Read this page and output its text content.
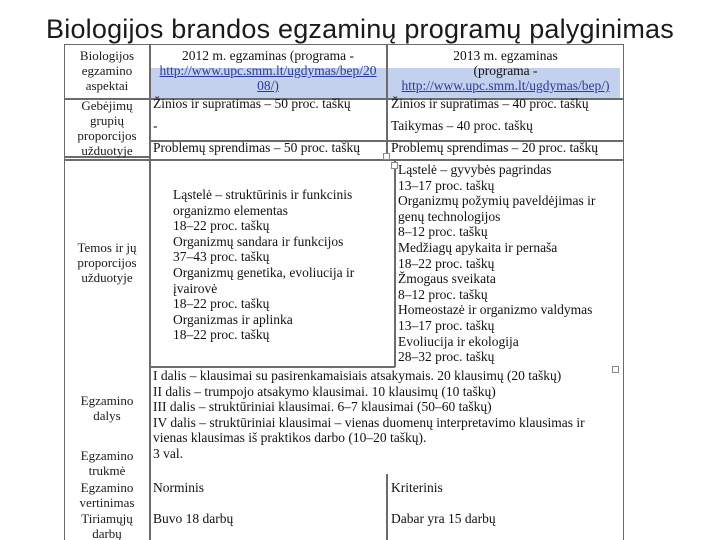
Biologijos brandos egzaminų programų palyginimas
Biologijos
egzamino
aspektai
Gebėjimų
grupių
proporcijos
užduotyje
Temos ir jų
proporcijos
užduotyje
Egzamino
dalys
Egzamino
trukmė
Egzamino
vertinimas
Tiriamųjų
darbų
2012 m. egzaminas (programa -
http://www.upc.smm.lt/ugdymas/bep/20
08/)
2013 m. egzaminas
(programa -
http://www.upc.smm.lt/ugdymas/bep/)
Žinios ir supratimas – 50 proc. taškų
-
Problemų sprendimas – 50 proc. taškų
Žinios ir supratimas – 40 proc. taškų
Taikymas – 40 proc. taškų
Problemų sprendimas – 20 proc. taškų
Ląstelė – struktūrinis ir funkcinis
organizmo elementas
18–22 proc. taškų
Organizmų sandara ir funkcijos
37–43 proc. taškų
Organizmų genetika, evoliucija ir
įvairovė
18–22 proc. taškų
Organizmas ir aplinka
18–22 proc. taškų
Ląstelė – gyvybės pagrindas
13–17 proc. taškų
Organizmų požymių paveldėjimas ir
genų technologijos
8–12 proc. taškų
Medžiagų apykaita ir pernaša
18–22 proc. taškų
Žmogaus sveikata
8–12 proc. taškų
Homeostazė ir organizmo valdymas
13–17 proc. taškų
Evoliucija ir ekologija
28–32 proc. taškų
I dalis – klausimai su pasirenkamaisiais atsakymais. 20 klausimų (20 taškų)
II dalis – trumpojo atsakymo klausimai. 10 klausimų (10 taškų)
III dalis – struktūriniai klausimai. 6–7 klausimai (50–60 taškų)
IV dalis – struktūriniai klausimai – vienas duomenų interpretavimo klausimas ir
vienas klausimas iš praktikos darbo (10–20 taškų).
3 val.
Norminis	Kriterinis
Buvo 18 darbų	Dabar yra 15 darbų
